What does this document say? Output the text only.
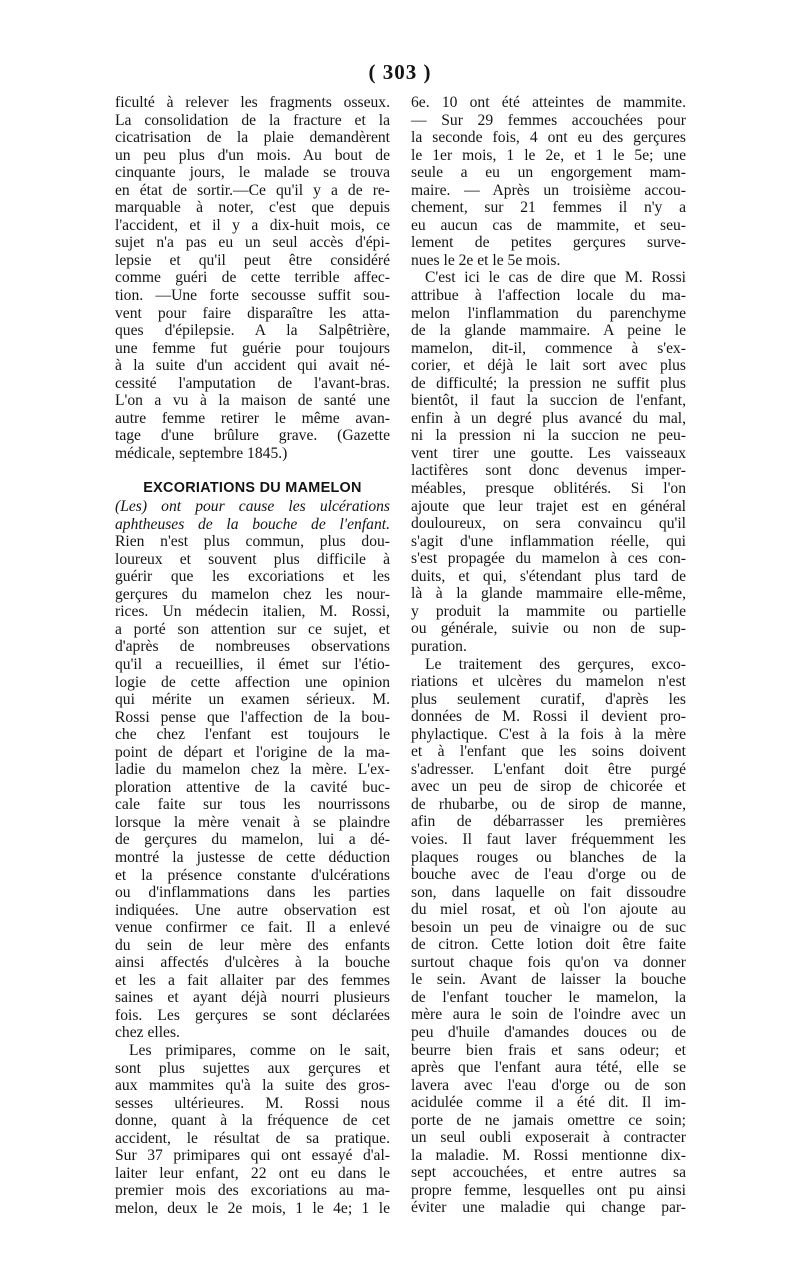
( 303 )
ficulté à relever les fragments osseux.
La consolidation de la fracture et la
cicatrisation de la plaie demandèrent
un peu plus d'un mois. Au bout de
cinquante jours, le malade se trouva
en état de sortir.—Ce qu'il y a de re-
marquable à noter, c'est que depuis
l'accident, et il y a dix-huit mois, ce
sujet n'a pas eu un seul accès d'épi-
lepsie et qu'il peut être considéré
comme guéri de cette terrible affec-
tion. —Une forte secousse suffit sou-
vent pour faire disparaître les atta-
ques d'épilepsie. A la Salpêtrière,
une femme fut guérie pour toujours
à la suite d'un accident qui avait né-
cessité l'amputation de l'avant-bras.
L'on a vu à la maison de santé une
autre femme retirer le même avan-
tage d'une brûlure grave. (Gazette
médicale, septembre 1845.)
EXCORIATIONS DU MAMELON
(Les) ont pour cause les ulcérations
aphtheuses de la bouche de l'enfant.
Rien n'est plus commun, plus dou-
loureux et souvent plus difficile à
guérir que les excoriations et les
gerçures du mamelon chez les nour-
rices. Un médecin italien, M. Rossi,
a porté son attention sur ce sujet, et
d'après de nombreuses observations
qu'il a recueillies, il émet sur l'étio-
logie de cette affection une opinion
qui mérite un examen sérieux. M.
Rossi pense que l'affection de la bou-
che chez l'enfant est toujours le
point de départ et l'origine de la ma-
ladie du mamelon chez la mère. L'ex-
ploration attentive de la cavité buc-
cale faite sur tous les nourrissons
lorsque la mère venait à se plaindre
de gerçures du mamelon, lui a dé-
montré la justesse de cette déduction
et la présence constante d'ulcérations
ou d'inflammations dans les parties
indiquées. Une autre observation est
venue confirmer ce fait. Il a enlevé
du sein de leur mère des enfants
ainsi affectés d'ulcères à la bouche
et les a fait allaiter par des femmes
saines et ayant déjà nourri plusieurs
fois. Les gerçures se sont déclarées
chez elles.
Les primipares, comme on le sait,
sont plus sujettes aux gerçures et
aux mammites qu'à la suite des gros-
sesses ultérieures. M. Rossi nous
donne, quant à la fréquence de cet
accident, le résultat de sa pratique.
Sur 37 primipares qui ont essayé d'al-
laiter leur enfant, 22 ont eu dans le
premier mois des excoriations au ma-
melon, deux le 2e mois, 1 le 4e; 1 le
6e. 10 ont été atteintes de mammite.
— Sur 29 femmes accouchées pour
la seconde fois, 4 ont eu des gerçures
le 1er mois, 1 le 2e, et 1 le 5e; une
seule a eu un engorgement mam-
maire. — Après un troisième accou-
chement, sur 21 femmes il n'y a
eu aucun cas de mammite, et seu-
lement de petites gerçures surve-
nues le 2e et le 5e mois.
C'est ici le cas de dire que M. Rossi
attribue à l'affection locale du ma-
melon l'inflammation du parenchyme
de la glande mammaire. A peine le
mamelon, dit-il, commence à s'ex-
corier, et déjà le lait sort avec plus
de difficulté; la pression ne suffit plus
bientôt, il faut la succion de l'enfant,
enfin à un degré plus avancé du mal,
ni la pression ni la succion ne peu-
vent tirer une goutte. Les vaisseaux
lactifères sont donc devenus imper-
méables, presque oblitérés. Si l'on
ajoute que leur trajet est en général
douloureux, on sera convaincu qu'il
s'agit d'une inflammation réelle, qui
s'est propagée du mamelon à ces con-
duits, et qui, s'étendant plus tard de
là à la glande mammaire elle-même,
y produit la mammite ou partielle
ou générale, suivie ou non de sup-
puration.
Le traitement des gerçures, exco-
riations et ulcères du mamelon n'est
plus seulement curatif, d'après les
données de M. Rossi il devient pro-
phylactique. C'est à la fois à la mère
et à l'enfant que les soins doivent
s'adresser. L'enfant doit être purgé
avec un peu de sirop de chicorée et
de rhubarbe, ou de sirop de manne,
afin de débarrasser les premières
voies. Il faut laver fréquemment les
plaques rouges ou blanches de la
bouche avec de l'eau d'orge ou de
son, dans laquelle on fait dissoudre
du miel rosat, et où l'on ajoute au
besoin un peu de vinaigre ou de suc
de citron. Cette lotion doit être faite
surtout chaque fois qu'on va donner
le sein. Avant de laisser la bouche
de l'enfant toucher le mamelon, la
mère aura le soin de l'oindre avec un
peu d'huile d'amandes douces ou de
beurre bien frais et sans odeur; et
après que l'enfant aura tété, elle se
lavera avec l'eau d'orge ou de son
acidulée comme il a été dit. Il im-
porte de ne jamais omettre ce soin;
un seul oubli exposerait à contracter
la maladie. M. Rossi mentionne dix-
sept accouchées, et entre autres sa
propre femme, lesquelles ont pu ainsi
éviter une maladie qui change par-
